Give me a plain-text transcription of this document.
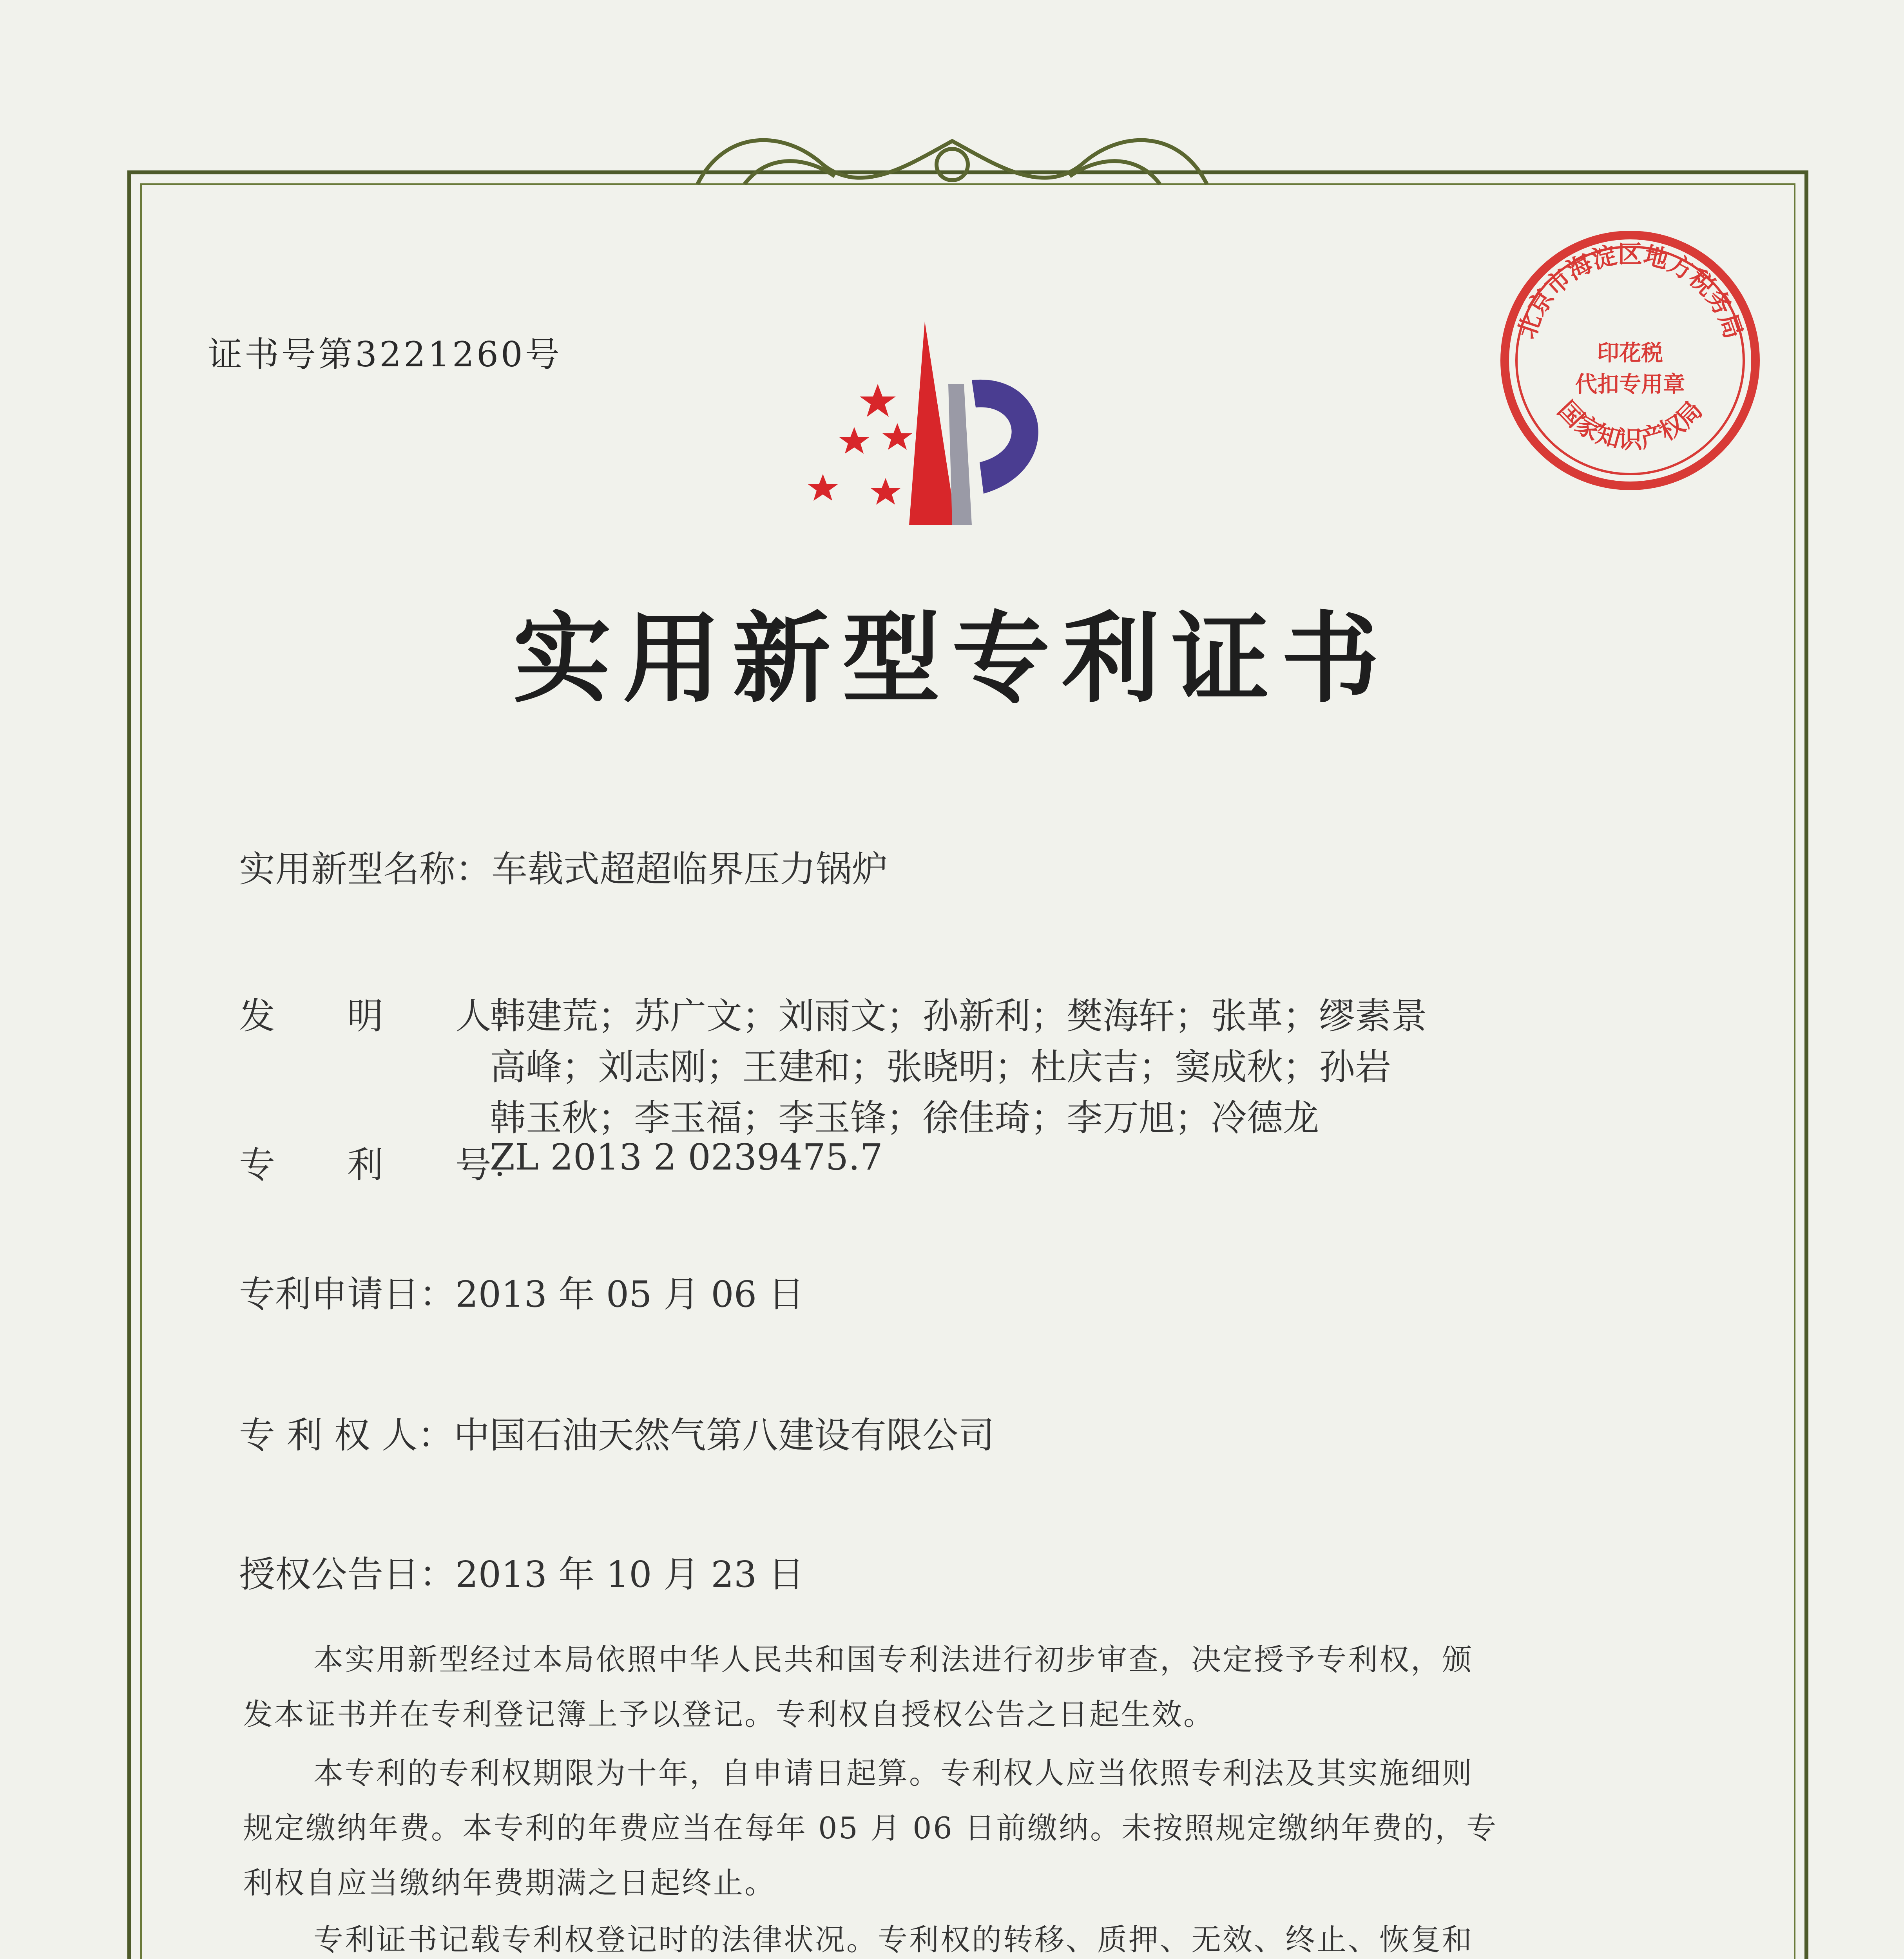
北京市海淀区地方税务局
国家知识产权局
印花税
代扣专用章
证书号第3221260号
实用新型专利证书
实用新型名称：车载式超超临界压力锅炉
发　　明　　人：
韩建荒；苏广文；刘雨文；孙新利；樊海轩；张革；缪素景
高峰；刘志刚；王建和；张晓明；杜庆吉；窦成秋；孙岩
韩玉秋；李玉福；李玉锋；徐佳琦；李万旭；冷德龙
专　　利　　号：
ZL 2013 2 0239475.7
专利申请日：2013 年 05 月 06 日
专 利 权 人：中国石油天然气第八建设有限公司
授权公告日：2013 年 10 月 23 日
本实用新型经过本局依照中华人民共和国专利法进行初步审查，决定授予专利权，颁
发本证书并在专利登记簿上予以登记。专利权自授权公告之日起生效。
本专利的专利权期限为十年，自申请日起算。专利权人应当依照专利法及其实施细则
规定缴纳年费。本专利的年费应当在每年 05 月 06 日前缴纳。未按照规定缴纳年费的，专
利权自应当缴纳年费期满之日起终止。
专利证书记载专利权登记时的法律状况。专利权的转移、质押、无效、终止、恢复和
